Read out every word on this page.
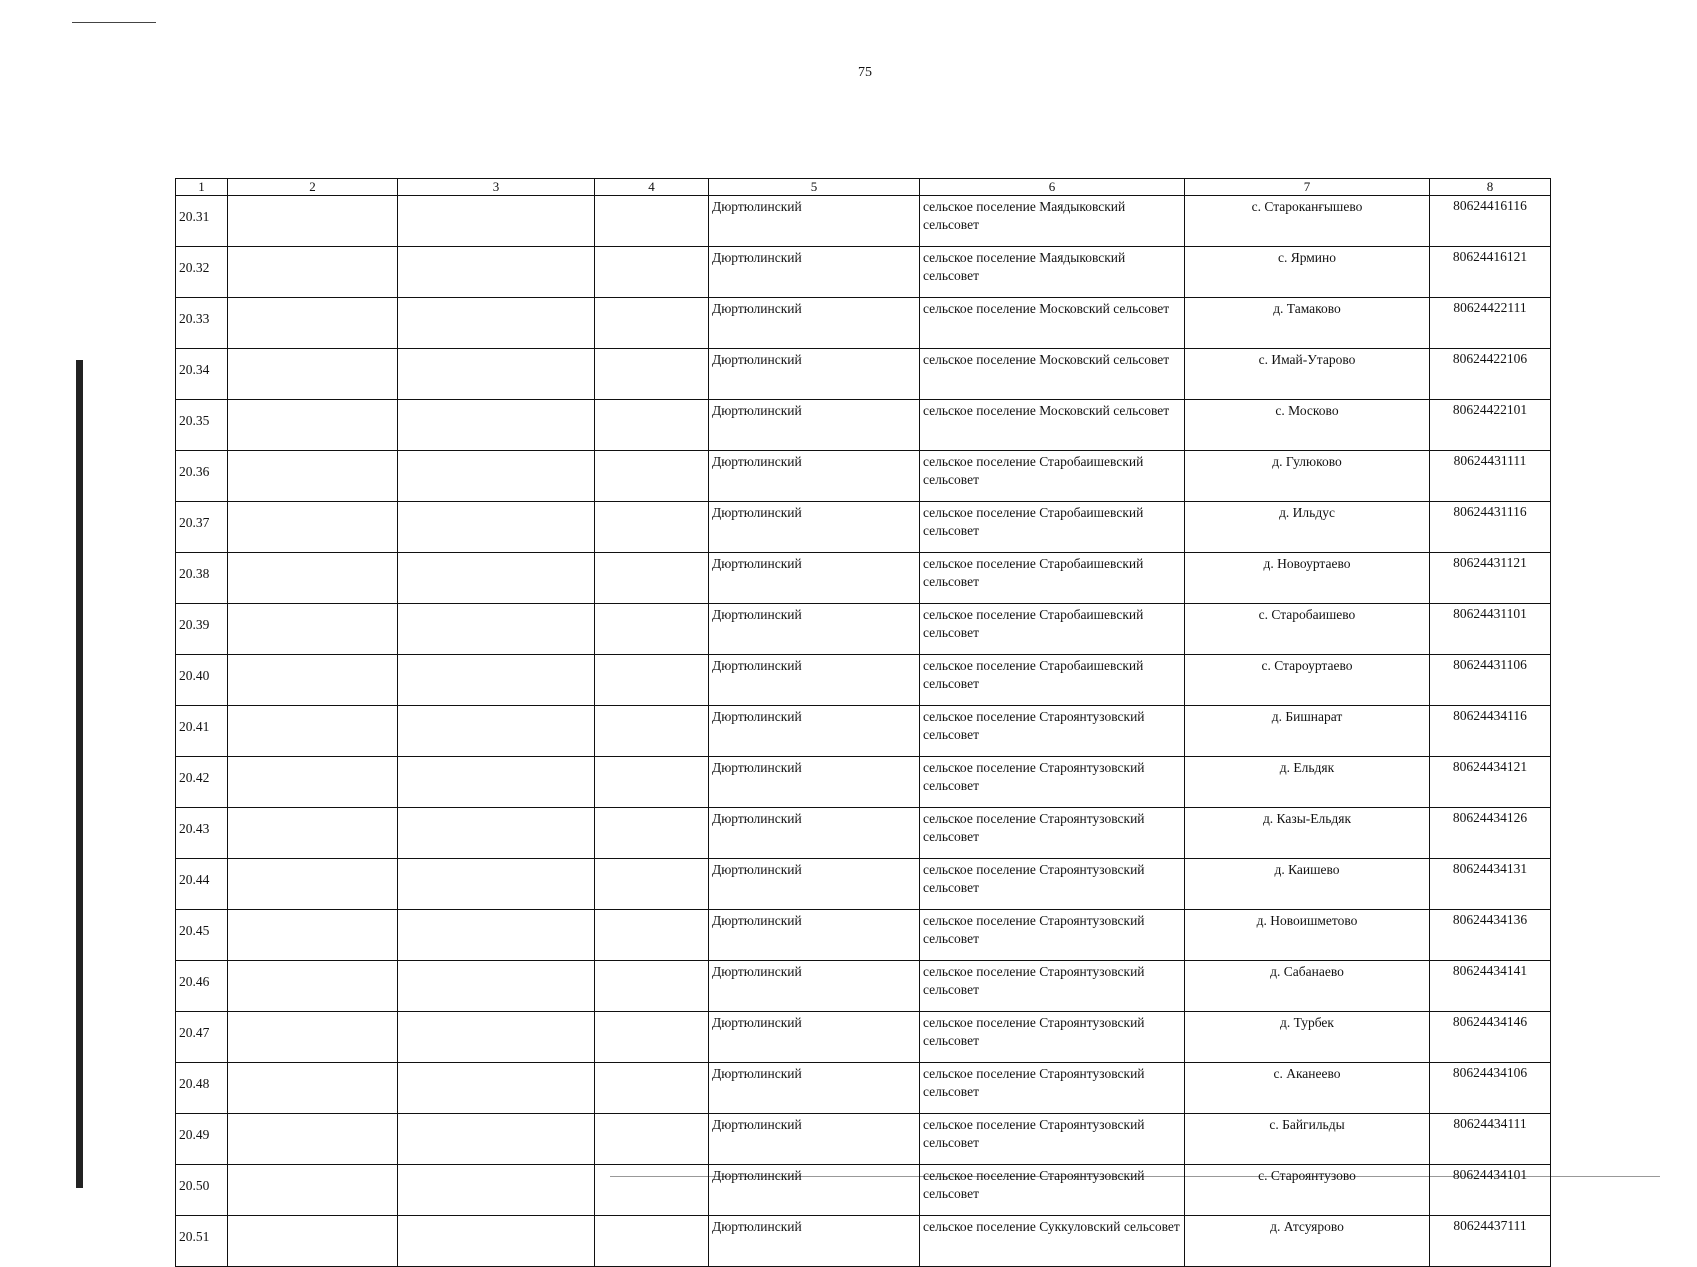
75
1	2	3	4	5	6	7	8
20.31				Дюртюлинский	сельское поселение Маядыковский сельсовет	с. Староканғышево	80624416116
20.32				Дюртюлинский	сельское поселение Маядыковский сельсовет	с. Ярмино	80624416121
20.33				Дюртюлинский	сельское поселение Московский сельсовет	д. Тамаково	80624422111
20.34				Дюртюлинский	сельское поселение Московский сельсовет	с. Имай-Утарово	80624422106
20.35				Дюртюлинский	сельское поселение Московский сельсовет	с. Москово	80624422101
20.36				Дюртюлинский	сельское поселение Старобаишевский сельсовет	д. Гулюково	80624431111
20.37				Дюртюлинский	сельское поселение Старобаишевский сельсовет	д. Ильдус	80624431116
20.38				Дюртюлинский	сельское поселение Старобаишевский сельсовет	д. Новоуртаево	80624431121
20.39				Дюртюлинский	сельское поселение Старобаишевский сельсовет	с. Старобаишево	80624431101
20.40				Дюртюлинский	сельское поселение Старобаишевский сельсовет	с. Староуртаево	80624431106
20.41				Дюртюлинский	сельское поселение Староянтузовский сельсовет	д. Бишнарат	80624434116
20.42				Дюртюлинский	сельское поселение Староянтузовский сельсовет	д. Ельдяк	80624434121
20.43				Дюртюлинский	сельское поселение Староянтузовский сельсовет	д. Казы-Ельдяк	80624434126
20.44				Дюртюлинский	сельское поселение Староянтузовский сельсовет	д. Каишево	80624434131
20.45				Дюртюлинский	сельское поселение Староянтузовский сельсовет	д. Новоишметово	80624434136
20.46				Дюртюлинский	сельское поселение Староянтузовский сельсовет	д. Сабанаево	80624434141
20.47				Дюртюлинский	сельское поселение Староянтузовский сельсовет	д. Турбек	80624434146
20.48				Дюртюлинский	сельское поселение Староянтузовский сельсовет	с. Аканеево	80624434106
20.49				Дюртюлинский	сельское поселение Староянтузовский сельсовет	с. Байгильды	80624434111
20.50				Дюртюлинский	сельское поселение Староянтузовский сельсовет	с. Староянтузово	80624434101
20.51				Дюртюлинский	сельское поселение Суккуловский сельсовет	д. Атсуярово	80624437111
